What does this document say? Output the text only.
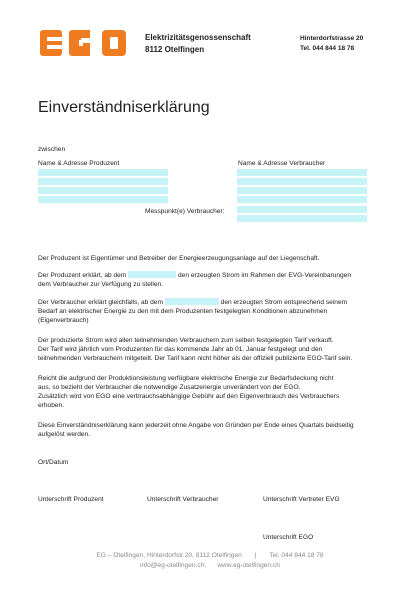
Elektrizitätsgenossenschaft
8112 Otelfingen
Hinterdorfstrasse 20
Tel. 044 844 18 78
Einverständniserklärung
zwischen
Name & Adresse Produzent	Name & Adresse Verbraucher
Messpunkt(e) Verbraucher:
Der Produzent ist Eigentümer und Betreiber der Energieerzeugungsanlage auf der Liegenschaft.
Der Produzent erklärt, ab dem	den erzeugten Strom im Rahmen der EVG-Vereinbarungen
dem Verbraucher zur Verfügung zu stellen.
Der Verbraucher erklärt gleichfalls, ab dem	den erzeugten Strom entsprechend seinem
Bedarf an elektrischer Energie zu den mit dem Produzenten festgelegten Konditionen abzunehmen
(Eigenverbrauch)
Der produzierte Strom wird allen teilnehmenden Verbrauchern zum selben festgelegten Tarif verkauft.
Der Tarif wird jährlich vom Produzenten für das kommende Jahr ab 01. Januar festgelegt und den
teilnehmenden Verbrauchern mitgeteilt. Der Tarif kann nicht höher als der offiziell publizierte EGO-Tarif sein.
Reicht die aufgrund der Produktionsleistung verfügbare elektrische Energie zur Bedarfsdeckung nicht
aus, so bezieht der Verbraucher die notwendige Zusatzenergie unverändert von der EGO.
Zusätzlich wird von EGO eine verbrauchsabhängige Gebühr auf den Eigenverbrauch des Verbrauchers
erhoben.
Diese Einverständniserklärung kann jederzeit ohne Angabe von Gründen per Ende eines Quartals beidseitig
aufgelöst werden.
Ort/Datum
Unterschrift Produzent	Unterschrift Verbraucher	Unterschrift Vertreter EVG
Unterschrift EGO
EG – Otelfingen, Hinterdorfstr.20, 8112 Otelfingen | Tel. 044 844 18 78
info@eg-otelfingen.ch, www.eg-otelfingen.ch
